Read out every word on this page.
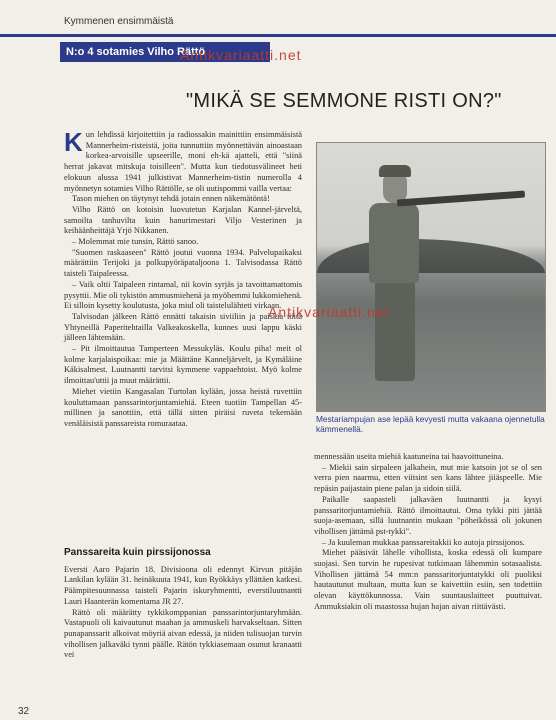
Kymmenen ensimmäistä
N:o 4 sotamies Vilho Rättö
Antikvariaatti.net
"MIKÄ SE SEMMONE RISTI ON?"

Kun lehdissä kirjoitettiin ja radiossakin mainittiin ensimmäisistä Mannerheim-risteistä, joita tunnuttiin myönnettävän ainoastaan korkea-arvoisille upseerille, moni eh-kä ajatteli, että "siinä herrat jakavat mitskuja toisilleen". Mutta kun tiedotusvälineet heti elokuun alussa 1941 julkistivat Mannerheim-tistin numerolla 4 myönnetyn sotamies Vilho Rättölle, se oli uutispommi vailla vertaa:

Tason miehen on täytynyt tehdä jotain ennen näkemätöntä!

Vilho Rättö on kotoisin luovutetun Karjalan Kannel-järveltä, samoilta tanhuvilta kuin hanurimestari Viljo Vesterinen ja keihäänheittäjä Yrjö Nikkanen.

– Molemmat mie tunsin, Rättö sanoo.

"Suomen raskaaseen" Rättö joutui vuonna 1934. Palvelupaikaksi määrättiin Terijoki ja polkupyöräpataljoona 1. Talvisodassa Rättö taisteli Taipaleessa.

– Vaik oltii Taipaleen rintamal, nii kovin syrjäs ja tavoittamattomis pysyttii. Mie oli tykistön ammusmiehenä ja myöhemmi lukkomiehenä. Ei silloin kysetty koulutusta, joka miul oli taistelulähteti virkaan.

Talvisodan jälkeen Rättö ennätti takaisin siviiliin ja paiskia töitä Yhtyneillä Paperitehtailla Valkeakoskella, kunnes uusi lappu käski jälleen lähtemään.

– Pit ilmoittautua Tamperteen Messukyläs. Koulu piha! meit ol kolme karjalaispoikaa: mie ja Määttäne Kanneljärvelt, ja Kymäläine Käkisalmest. Luutnantti tarvitsi kymmene vappaehtoist. Myö kolme ilmoittau'uttii ja muut määrättii.

Miehet vietiin Kangasalan Turtolan kylään, jossa heistä ruvettiin kouluttamaan panssarintorjuntamiehiä. Eteen tuotiin Tampellan 45-millinen ja sanottiin, että tällä sitten piräisi ruveta tekemään venäläisistä panssareista romuraataa.

Panssareita kuin pirssijonossa

Eversti Aaro Pajarin 18. Divisioona oli edennyt Kirvun pitäjän Lankilan kylään 31. heinäkuuta 1941, kun Ryökkäys yllättäen katkesi. Päämpitesuunnassa taisteli Pajarin iskuryhmentti, everstiluutnantti Lauri Haanterän komentama JR 27.

Rättö oli määrätty tykkikomppanian panssarintorjuntaryhmään. Vastapuoli oli kaivautunut maahan ja ammuskeli harvakseltaan. Sitten punapanssarit alkoivat möyriä aivan edessä, ja niiden tulisuojan turvin vihollisen jalkaväki tynni päälle. Rätön tykkiasemaan osunut kranaatti vei

Antikvariaatti.net
Mestariampujan ase lepää kevyesti mutta vakaana ojennetulla kämmenellä.

mennessään useita miehiä kaatuneina tai haavoittuneina.

– Miekii sain sirpaleen jalkahein, mut mie katsoin jot se ol sen verra pien naarmu, etten viitsint sen kans lähtee jiiäspeelle. Mie repäsin paijastain piene palan ja sidoin siilä.

Paikalle saapasteli jalkaväen luutnantti ja kysyi panssaritorjuntamiehiä. Rättö ilmoittautui. Oma tykki piti jättää suoja-asemaan, sillä luutnantin mukaan "pöheikössä oli jokunen vihollisen jättämä pst-tykki".

– Ja kuuleman mukkaa panssareitakkii ko autoja pirssijonos.

Miehet pääsivät lähelle vihollista, koska edessä oli kumpare suojasi. Sen turvin he rupesivat tutkimaan lähemmin sotasaalista. Vihollisen jättämä 54 mm:n panssaritorjuntatykki oli puoliksi hautautunut multaan, mutta kun se kaivettiin esiin, sen todettiin olevan käyttökunnossa. Vain suuntauslaitteet puuttuivat. Ammuksiakin oli maastossa hujan hajan aivan riittävästi.

32
